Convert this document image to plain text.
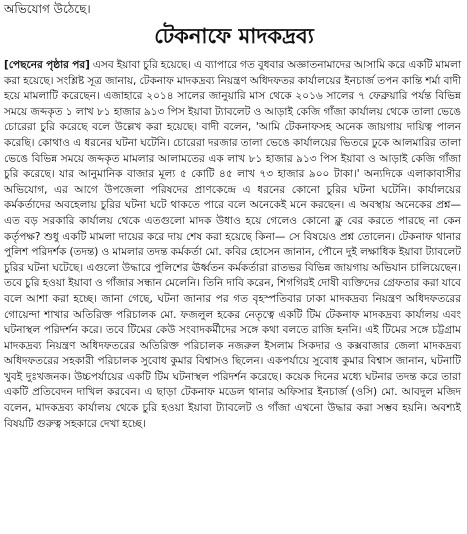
অভিযোগ উঠেছে।
টেকনাফে মাদকদ্রব্য

[পেছনের পৃষ্ঠার পর] এসব ইয়াবা চুরি হয়েছে। এ ব্যাপারে গত বুধবার অজ্ঞাতনামাদের আসামি করে একটি মামলা করা হয়েছে। সংশ্লিষ্ট সূত্র জানায়, টেকনাফ মাদকদ্রব্য নিয়ন্ত্রণ অধিদফতর কার্যালয়ের ইনচার্জ তপন কান্তি শর্মা বাদী হয়ে মামলাটি করেছেন। এজাহারে ২০১৪ সালের জানুয়ারি মাস থেকে ২০১৬ সালের ৭ ফেব্রুয়ারি পর্যন্ত বিভিন্ন সময়ে জব্দকৃত ১ লাখ ৮১ হাজার ৯১৩ পিস ইয়াবা ট্যাবলেট ও আড়াই কেজি গাঁজা কার্যালয় থেকে তালা ভেঙে চোরেরা চুরি করেছে বলে উল্লেখ করা হয়েছে। বাদী বলেন, 'আমি টেকনাফসহ অনেক জায়গায় দায়িত্ব পালন করেছি। কোথাও এ ধরনের ঘটনা ঘটেনি। চোরেরা দরজার তালা ভেঙে কার্যালয়ের ভিতরে ঢুকে আলমারির তালা ভেঙে বিভিন্ন সময়ে জব্দকৃত মামলার আলামতের এক লাখ ৮১ হাজার ৯১৩ পিস ইয়াবা ও আড়াই কেজি গাঁজা চুরি করেছে। যার আনুমানিক বাজার মূল্য ৫ কোটি ৪৫ লাখ ৭৩ হাজার ৯০০ টাকা।' অন্যদিকে এলাকাবাসীর অভিযোগ, এর আগে উপজেলা পরিষদের প্রাণকেন্দ্রে এ ধরনের কোনো চুরির ঘটনা ঘটেনি। কার্যালয়ের কর্মকর্তাদের অবহেলায় চুরির ঘটনা ঘটে থাকতে পারে বলে অনেকেই মনে করছেন। এ অবস্থায় অনেকের প্রশ্ন— এত বড় সরকারি কার্যালয় থেকে এতগুলো মাদক উধাও হয়ে গেলেও কোনো ক্লু বের করতে পারছে না কেন কর্তৃপক্ষ? শুধু একটি মামলা দায়ের করে দায় শেষ করা হয়েছে কিনা— সে বিষয়েও প্রশ্ন তোলেন। টেকনাফ থানার পুলিশ পরিদর্শক (তদন্ত) ও মামলার তদন্ত কর্মকর্তা মো. কবির হোসেন জানান, পৌনে দুই লক্ষাধিক ইয়াবা ট্যাবলেট চুরির ঘটনা ঘটেছে। এগুলো উদ্ধারে পুলিশের ঊর্ধ্বতন কর্মকর্তারা রাতভর বিভিন্ন জায়গায় অভিযান চালিয়েছেন। তবে চুরি হওয়া ইয়াবা ও গাঁজার সন্ধান মেলেনি। তিনি দাবি করেন, শিগগিরই দোষী ব্যক্তিদের গ্রেফতার করা যাবে বলে আশা করা হচ্ছে। জানা গেছে, ঘটনা জানার পর গত বৃহস্পতিবার ঢাকা মাদকদ্রব্য নিয়ন্ত্রণ অধিদফতরের গোয়েন্দা শাখার অতিরিক্ত পরিচালক মো. ফজলুল হকের নেতৃত্বে একটি টিম টেকনাফ মাদকদ্রব্য কার্যালয় এবং ঘটনাস্থল পরিদর্শন করে। তবে টিমের কেউ সংবাদকর্মীদের সঙ্গে কথা বলতে রাজি হননি। এই টিমের সঙ্গে চট্টগ্রাম মাদকদ্রব্য নিয়ন্ত্রণ অধিদফতরের অতিরিক্ত পরিচালক নজরুল ইসলাম সিকদার ও কক্সবাজার জেলা মাদকদ্রব্য অধিদফতরের সহকারী পরিচালক সুবোধ কুমার বিশ্বাসও ছিলেন। একপর্যায়ে সুবোধ কুমার বিশ্বাস জানান, ঘটনাটি খুবই দুঃখজনক। উচ্চপর্যায়ের একটি টিম ঘটনাস্থল পরিদর্শন করেছে। কয়েক দিনের মধ্যে ঘটনার তদন্ত করে তারা একটি প্রতিবেদন দাখিল করবেন। এ ছাড়া টেকনাফ মডেল থানার অফিসার ইনচার্জ (ওসি) মো. আবদুল মজিদ বলেন, মাদকদ্রব্য কার্যালয় থেকে চুরি হওয়া ইয়াবা ট্যাবলেট ও গাঁজা এখনো উদ্ধার করা সম্ভব হয়নি। অবশ্যই বিষয়টি গুরুত্ব সহকারে দেখা হচ্ছে।
